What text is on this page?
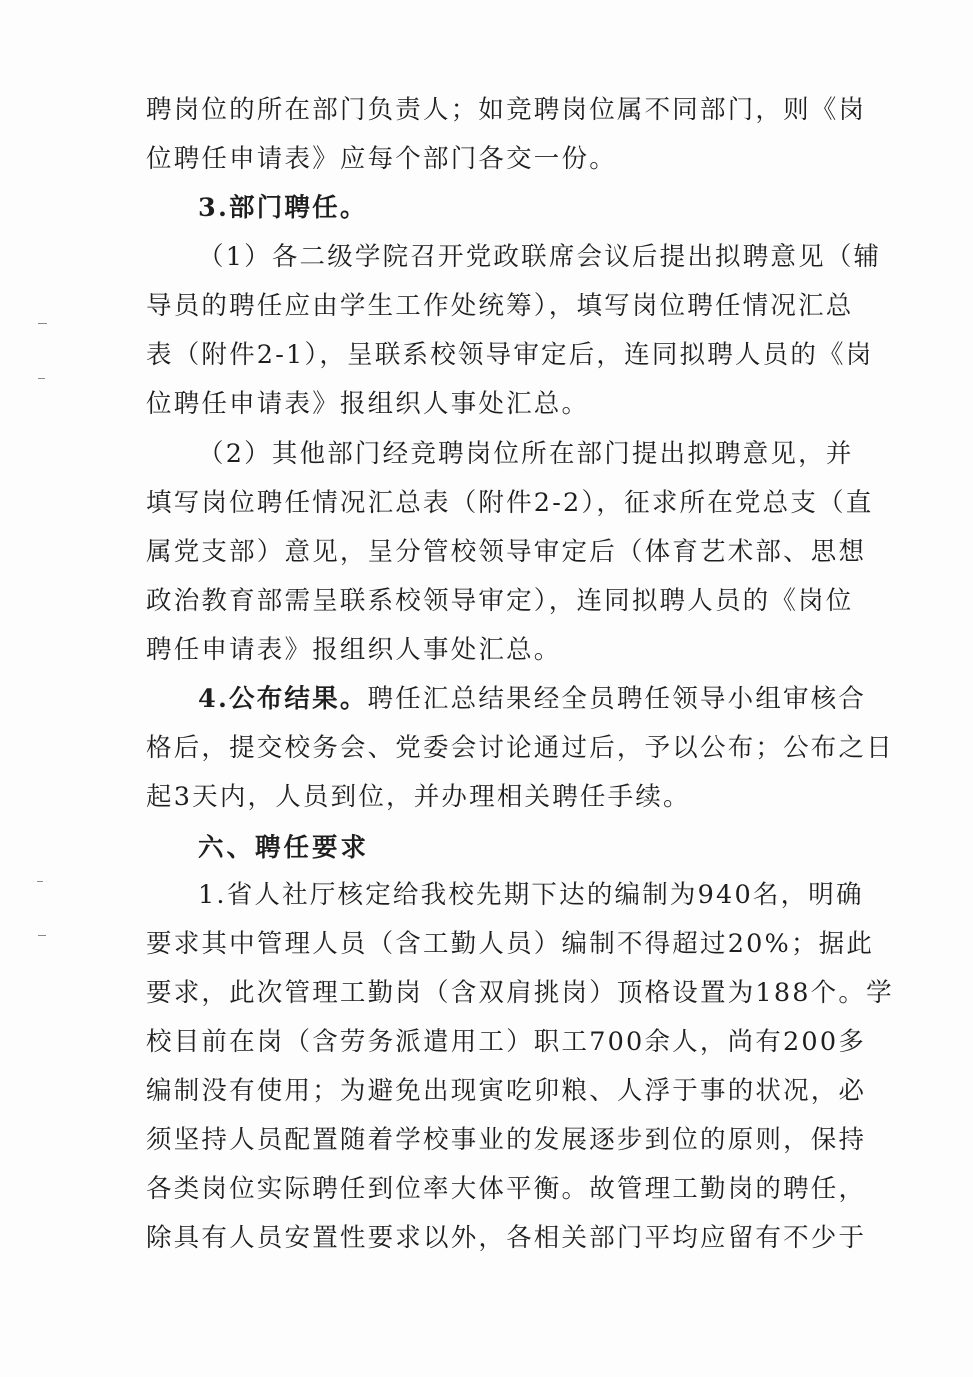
聘岗位的所在部门负责人；如竞聘岗位属不同部门，则《岗
位聘任申请表》应每个部门各交一份。
3.部门聘任。
（1）各二级学院召开党政联席会议后提出拟聘意见（辅
导员的聘任应由学生工作处统筹），填写岗位聘任情况汇总
表（附件2-1），呈联系校领导审定后，连同拟聘人员的《岗
位聘任申请表》报组织人事处汇总。
（2）其他部门经竞聘岗位所在部门提出拟聘意见，并
填写岗位聘任情况汇总表（附件2-2），征求所在党总支（直
属党支部）意见，呈分管校领导审定后（体育艺术部、思想
政治教育部需呈联系校领导审定），连同拟聘人员的《岗位
聘任申请表》报组织人事处汇总。
4.公布结果。聘任汇总结果经全员聘任领导小组审核合
格后，提交校务会、党委会讨论通过后，予以公布；公布之日
起3天内，人员到位，并办理相关聘任手续。
六、聘任要求
1.省人社厅核定给我校先期下达的编制为940名，明确
要求其中管理人员（含工勤人员）编制不得超过20%；据此
要求，此次管理工勤岗（含双肩挑岗）顶格设置为188个。学
校目前在岗（含劳务派遣用工）职工700余人，尚有200多
编制没有使用；为避免出现寅吃卯粮、人浮于事的状况，必
须坚持人员配置随着学校事业的发展逐步到位的原则，保持
各类岗位实际聘任到位率大体平衡。故管理工勤岗的聘任，
除具有人员安置性要求以外，各相关部门平均应留有不少于
